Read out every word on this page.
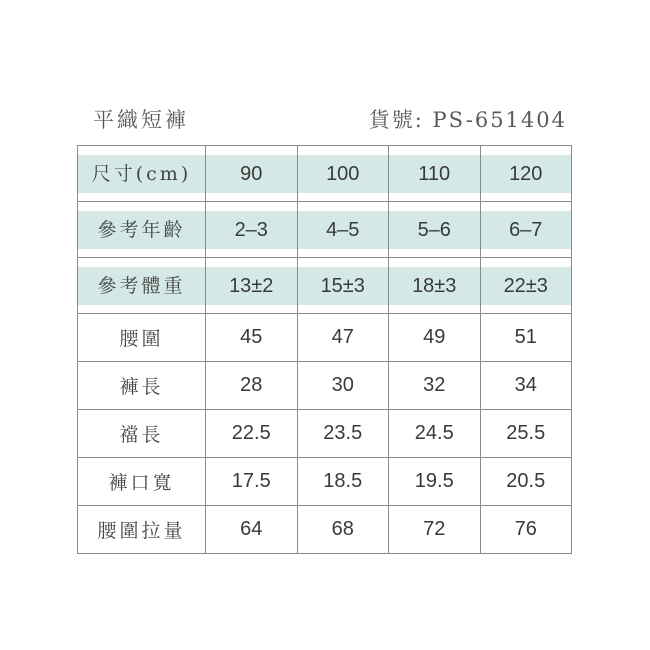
平織短褲	貨號: PS-651404
尺寸(cm)	90	100	110	120

參考年齡	2–3	4–5	5–6	6–7

參考體重	13±2	15±3	18±3	22±3

腰圍	45	47	49	51
褲長	28	30	32	34
襠長	22.5	23.5	24.5	25.5
褲口寬	17.5	18.5	19.5	20.5
腰圍拉量	64	68	72	76
